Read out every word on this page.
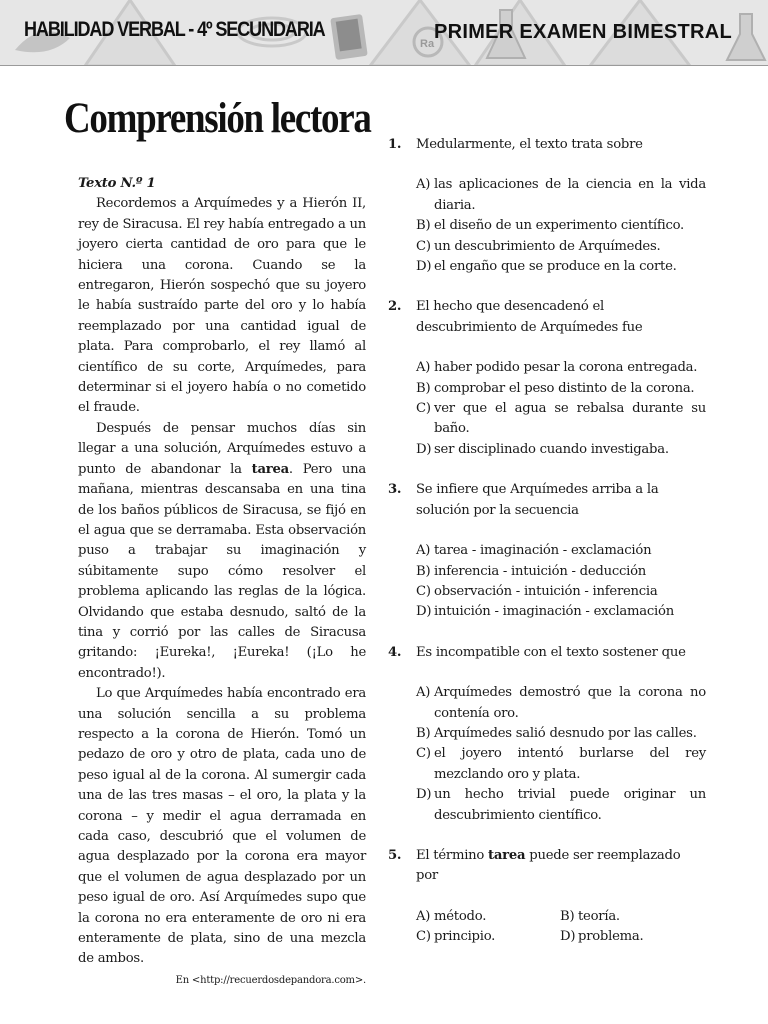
Ra
HABILIDAD VERBAL - 4º SECUNDARIA	PRIMER EXAMEN BIMESTRAL
Comprensión lectora
Texto N.º 1

Recordemos a Arquímedes y a Hierón II, rey de Siracusa. El rey había entregado a un joyero cierta cantidad de oro para que le hiciera una corona. Cuando se la entregaron, Hierón sospechó que su joyero le había sustraído parte del oro y lo había reemplazado por una cantidad igual de plata. Para comprobarlo, el rey llamó al científico de su corte, Arquímedes, para determinar si el joyero había o no cometido el fraude.

Después de pensar muchos días sin llegar a una solución, Arquímedes estuvo a punto de abandonar la tarea. Pero una mañana, mientras descansaba en una tina de los baños públicos de Siracusa, se fijó en el agua que se derramaba. Esta observación puso a trabajar su imaginación y súbitamente supo cómo resolver el problema aplicando las reglas de la lógica. Olvidando que estaba desnudo, saltó de la tina y corrió por las calles de Siracusa gritando: ¡Eureka!, ¡Eureka! (¡Lo he encontrado!).

Lo que Arquímedes había encontrado era una solución sencilla a su problema respecto a la corona de Hierón. Tomó un pedazo de oro y otro de plata, cada uno de peso igual al de la corona. Al sumergir cada una de las tres masas – el oro, la plata y la corona – y medir el agua derramada en cada caso, descubrió que el volumen de agua desplazado por la corona era mayor que el volumen de agua desplazado por un peso igual de oro. Así Arquímedes supo que la corona no era enteramente de oro ni era enteramente de plata, sino de una mezcla de ambos.

En <http://recuerdosdepandora.com>.
1. Medularmente, el texto trata sobre
A) las aplicaciones de la ciencia en la vida diaria.
B) el diseño de un experimento científico.
C) un descubrimiento de Arquímedes.
D) el engaño que se produce en la corte.
2. El hecho que desencadenó el descubrimiento de Arquímedes fue
A) haber podido pesar la corona entregada.
B) comprobar el peso distinto de la corona.
C) ver que el agua se rebalsa durante su baño.
D) ser disciplinado cuando investigaba.
3. Se infiere que Arquímedes arriba a la solución por la secuencia
A) tarea - imaginación - exclamación
B) inferencia - intuición - deducción
C) observación - intuición - inferencia
D) intuición - imaginación - exclamación
4. Es incompatible con el texto sostener que
A) Arquímedes demostró que la corona no contenía oro.
B) Arquímedes salió desnudo por las calles.
C) el joyero intentó burlarse del rey mezclando oro y plata.
D) un hecho trivial puede originar un descubrimiento científico.
5. El término tarea puede ser reemplazado por
A) método.	B) teoría.
C) principio.	D) problema.
